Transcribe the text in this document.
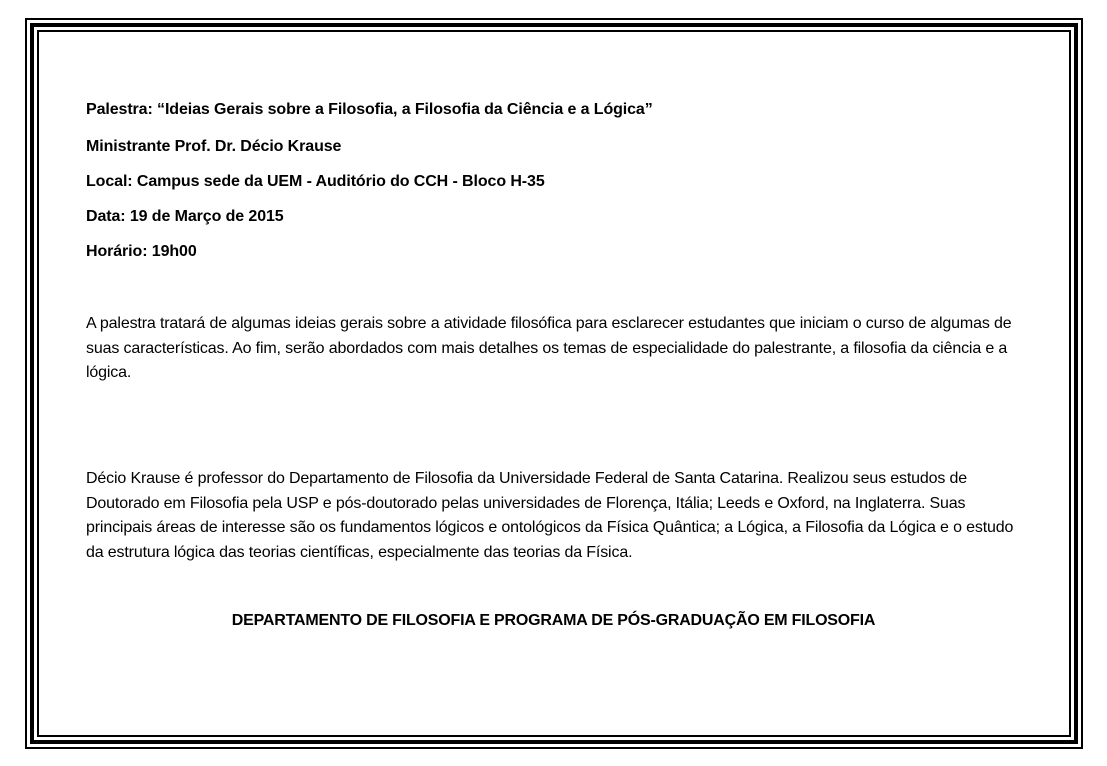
Palestra: “Ideias Gerais sobre a Filosofia, a Filosofia da Ciência e a Lógica”
Ministrante Prof. Dr. Décio Krause
Local: Campus sede da UEM - Auditório do CCH - Bloco H-35
Data: 19 de Março de 2015
Horário: 19h00
A palestra tratará de algumas ideias gerais sobre a atividade filosófica para esclarecer estudantes que iniciam o curso de algumas de suas características. Ao fim, serão abordados com mais detalhes os temas de especialidade do palestrante, a filosofia da ciência e a lógica.
Décio Krause é professor do Departamento de Filosofia da Universidade Federal de Santa Catarina. Realizou seus estudos de Doutorado em Filosofia pela USP e pós-doutorado pelas universidades de Florença, Itália; Leeds e Oxford, na Inglaterra. Suas principais áreas de interesse são os fundamentos lógicos e ontológicos da Física Quântica; a Lógica, a Filosofia da Lógica e o estudo da estrutura lógica das teorias científicas, especialmente das teorias da Física.
DEPARTAMENTO DE FILOSOFIA E PROGRAMA DE PÓS-GRADUAÇÃO EM FILOSOFIA
